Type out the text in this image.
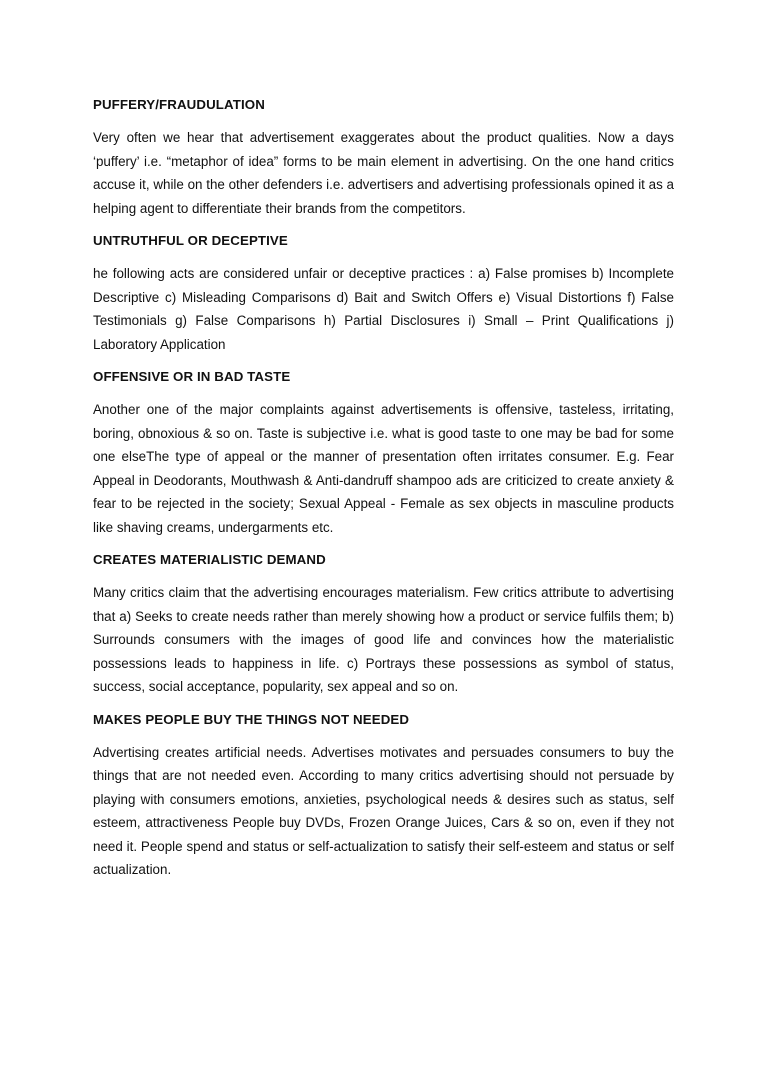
PUFFERY/FRAUDULATION

Very often we hear that advertisement exaggerates about the product qualities. Now a days ‘puffery’ i.e. “metaphor of idea” forms to be main element in advertising. On the one hand critics accuse it, while on the other defenders i.e. advertisers and advertising professionals opined it as a helping agent to differentiate their brands from the competitors.

UNTRUTHFUL OR DECEPTIVE

he following acts are considered unfair or deceptive practices : a) False promises b) Incomplete Descriptive c) Misleading Comparisons d) Bait and Switch Offers e) Visual Distortions f) False Testimonials g) False Comparisons h) Partial Disclosures i) Small – Print Qualifications j) Laboratory Application

OFFENSIVE OR IN BAD TASTE

Another one of the major complaints against advertisements is offensive, tasteless, irritating, boring, obnoxious & so on. Taste is subjective i.e. what is good taste to one may be bad for some one elseThe type of appeal or the manner of presentation often irritates consumer. E.g. Fear Appeal in Deodorants, Mouthwash & Anti-dandruff shampoo ads are criticized to create anxiety & fear to be rejected in the society; Sexual Appeal - Female as sex objects in masculine products like shaving creams, undergarments etc.

CREATES MATERIALISTIC DEMAND

Many critics claim that the advertising encourages materialism. Few critics attribute to advertising that a) Seeks to create needs rather than merely showing how a product or service fulfils them; b) Surrounds consumers with the images of good life and convinces how the materialistic possessions leads to happiness in life. c) Portrays these possessions as symbol of status, success, social acceptance, popularity, sex appeal and so on.

MAKES PEOPLE BUY THE THINGS NOT NEEDED

Advertising creates artificial needs. Advertises motivates and persuades consumers to buy the things that are not needed even. According to many critics advertising should not persuade by playing with consumers emotions, anxieties, psychological needs & desires such as status, self esteem, attractiveness People buy DVDs, Frozen Orange Juices, Cars & so on, even if they not need it. People spend and status or self-actualization to satisfy their self-esteem and status or self actualization.
